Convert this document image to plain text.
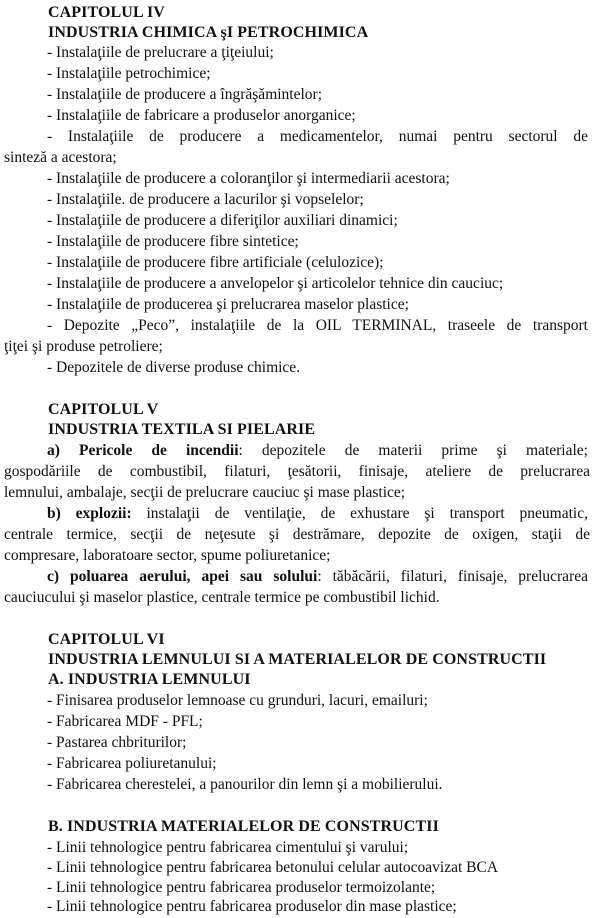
CAPITOLUL IV
INDUSTRIA CHIMICA şI PETROCHIMICA
- Instalaţiile de prelucrare a ţiţeiului;
- Instalaţiile petrochimice;
- Instalaţiile de producere a îngrăşămintelor;
- Instalaţiile de fabricare a produselor anorganice;
- Instalaţiile de producere a medicamentelor, numai pentru sectorul de
sinteză a acestora;
- Instalaţiile de producere a coloranţilor şi intermediarii acestora;
- Instalaţiile. de producere a lacurilor şi vopselelor;
- Instalaţiile de producere a diferiţilor auxiliari dinamici;
- Instalaţiile de producere fibre sintetice;
- Instalaţiile de producere fibre artificiale (celulozice);
- Instalaţiile de producere a anvelopelor şi articolelor tehnice din cauciuc;
- Instalaţiile de producerea şi prelucrarea maselor plastice;
- Depozite „Peco”, instalaţiile de la OIL TERMINAL, traseele de transport
ţiţei şi produse petroliere;
- Depozitele de diverse produse chimice.
CAPITOLUL V
INDUSTRIA TEXTILA SI PIELARIE
a) Pericole de incendii: depozitele de materii prime şi materiale;
gospodăriile de combustibil, filaturi, ţesătorii, finisaje, ateliere de prelucrarea
lemnului, ambalaje, secţii de prelucrare cauciuc şi mase plastice;
b) explozii: instalaţii de ventilaţie, de exhustare şi transport pneumatic,
centrale termice, secţii de neţesute şi destrămare, depozite de oxigen, staţii de
compresare, laboratoare sector, spume poliuretanice;
c) poluarea aerului, apei sau solului: tăbăcării, filaturi, finisaje, prelucrarea
cauciucului şi maselor plastice, centrale termice pe combustibil lichid.
CAPITOLUL VI
INDUSTRIA LEMNULUI SI A MATERIALELOR DE CONSTRUCTII
A. INDUSTRIA LEMNULUI
- Finisarea produselor lemnoase cu grunduri, lacuri, emailuri;
- Fabricarea MDF - PFL;
- Pastarea chbriturilor;
- Fabricarea poliuretanului;
- Fabricarea cherestelei, a panourilor din lemn şi a mobilierului.
B. INDUSTRIA MATERIALELOR DE CONSTRUCTII
- Linii tehnologice pentru fabricarea cimentului şi varului;
- Linii tehnologice pentru fabricarea betonului celular autocoavizat BCA
- Linii tehnologice pentru fabricarea produselor termoizolante;
- Linii tehnologice pentru fabricarea produselor din mase plastice;
